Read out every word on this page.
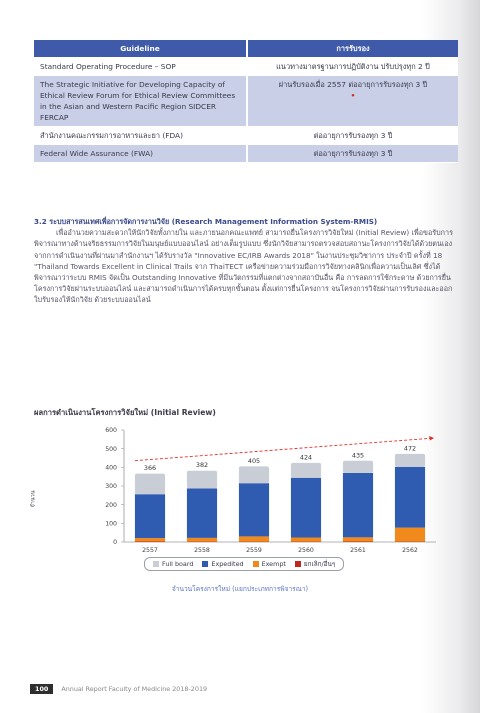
Guideline	การรับรอง
Standard Operating Procedure – SOP	แนวทางมาตรฐานการปฏิบัติงาน ปรับปรุงทุก 2 ปี
The Strategic Initiative for Developing Capacity of Ethical Review Forum for Ethical Review Committees in the Asian and Western Pacific Region SIDCER FERCAP	ผ่านรับรองเมื่อ 2557 ต่ออายุการรับรองทุก 3 ปี
•
สำนักงานคณะกรรมการอาหารและยา (FDA)	ต่ออายุการรับรองทุก 3 ปี
Federal Wide Assurance (FWA)	ต่ออายุการรับรองทุก 3 ปี
3.2 ระบบสารสนเทศเพื่อการจัดการงานวิจัย (Research Management Information System-RMIS)

เพื่ออำนวยความสะดวกให้นักวิจัยทั้งภายใน และภายนอกคณะแพทย์ สามารถยื่นโครงการวิจัยใหม่ (Initial Review) เพื่อขอรับการพิจารณาทางด้านจริยธรรมการวิจัยในมนุษย์แบบออนไลน์ อย่างเต็มรูปแบบ ซึ่งนักวิจัยสามารถตรวจสอบสถานะโครงการวิจัยได้ด้วยตนเอง จากการดำเนินงานที่ผ่านมาสำนักงานฯ ได้รับรางวัล "Innovative EC/IRB Awards 2018" ในงานประชุมวิชาการ ประจำปี ครั้งที่ 18 "Thailand Towards Excellent in Clinical Trails จาก ThaiTECT เครือข่ายความร่วมมือการวิจัยทางคลินิกเพื่อความเป็นเลิศ ซึ่งได้พิจารณาว่าระบบ RMIS จัดเป็น Outstanding Innovative ที่มีนวัตกรรมที่แตกต่างจากสถาบันอื่น คือ การลดการใช้กระดาษ ด้วยการยื่นโครงการวิจัยผ่านระบบออนไลน์ และสามารถดำเนินการได้ครบทุกขั้นตอน ตั้งแต่การยื่นโครงการ จนโครงการวิจัยผ่านการรับรองและออกใบรับรองให้นักวิจัย ด้วยระบบออนไลน์

ผลการดำเนินงานโครงการวิจัยใหม่ (Initial Review)
จำนวน
0
100
200
300
400
500
600
2557	2558	2559	2560	2561	2562
366	382
405	424	435
472
Full board	Expedited	Exempt	ยกเลิก/อื่นๆ
จำนวนโครงการใหม่ (แยกประเภทการพิจารณา)
100	Annual Report Faculty of Medicine 2018-2019
